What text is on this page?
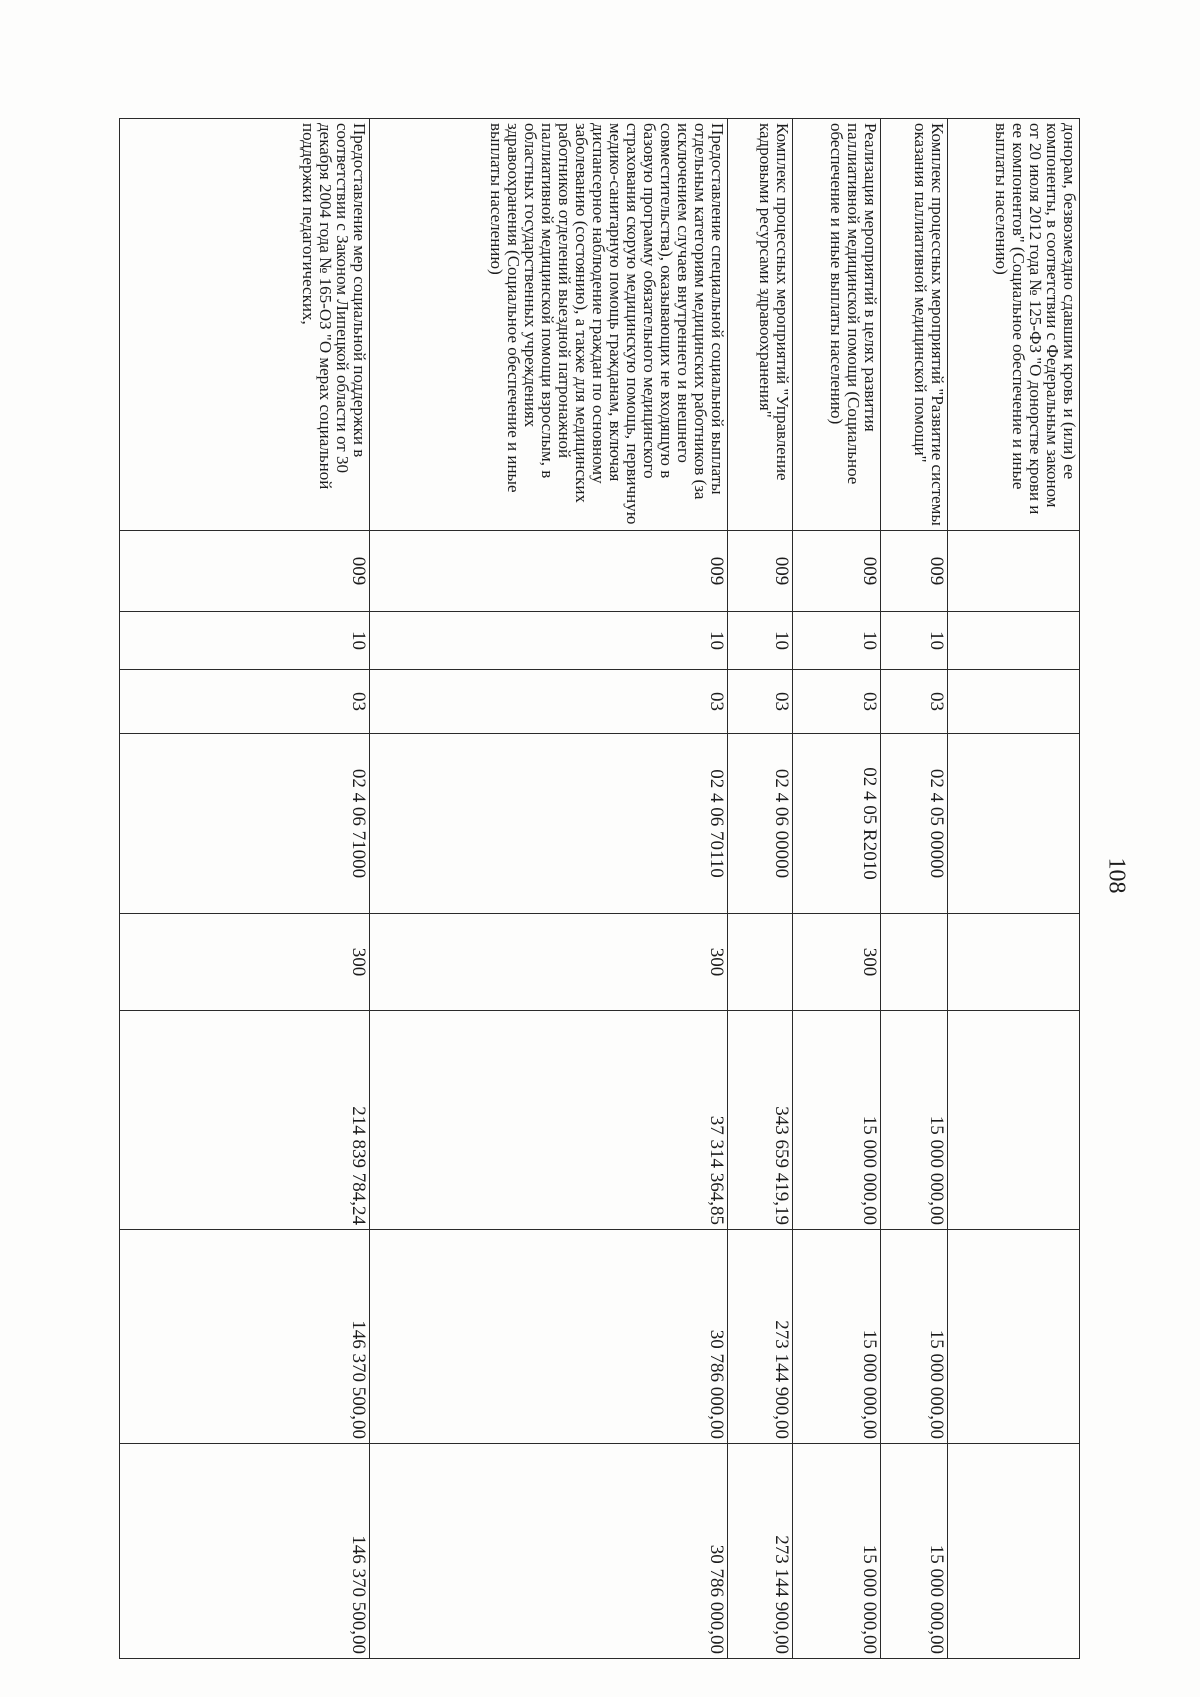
108
донорам, безвозмездно сдавшим кровь и (или) ее компоненты, в соответствии с Федеральным законом от 20 июля 2012 года № 125-ФЗ "О донорстве крови и ее компонентов" (Социальное обеспечение и иные выплаты населению)								
Комплекс процессных мероприятий "Развитие системы оказания паллиативной медицинской помощи"	009	10	03	02 4 05 00000		15 000 000,00	15 000 000,00	15 000 000,00
Реализация мероприятий в целях развития паллиативной медицинской помощи (Социальное обеспечение и иные выплаты населению)	009	10	03	02 4 05 R2010	300	15 000 000,00	15 000 000,00	15 000 000,00
Комплекс процессных мероприятий "Управление кадровыми ресурсами здравоохранения"	009	10	03	02 4 06 00000		343 659 419,19	273 144 900,00	273 144 900,00
Предоставление специальной социальной выплаты отдельным категориям медицинских работников (за исключением случаев внутреннего и внешнего совместительства), оказывающих не входящую в базовую программу обязательного медицинского страхования скорую медицинскую помощь, первичную медико-санитарную помощь гражданам, включая диспансерное наблюдение граждан по основному заболеванию (состоянию), а также для медицинских работников отделений выездной патронажной паллиативной медицинской помощи взрослым, в областных государственных учреждениях здравоохранения (Социальное обеспечение и иные выплаты населению)	009	10	03	02 4 06 70110	300	37 314 364,85	30 786 000,00	30 786 000,00
Предоставление мер социальной поддержки в соответствии с Законом Липецкой области от 30 декабря 2004 года № 165-ОЗ "О мерах социальной поддержки педагогических,	009	10	03	02 4 06 71000	300	214 839 784,24	146 370 500,00	146 370 500,00
